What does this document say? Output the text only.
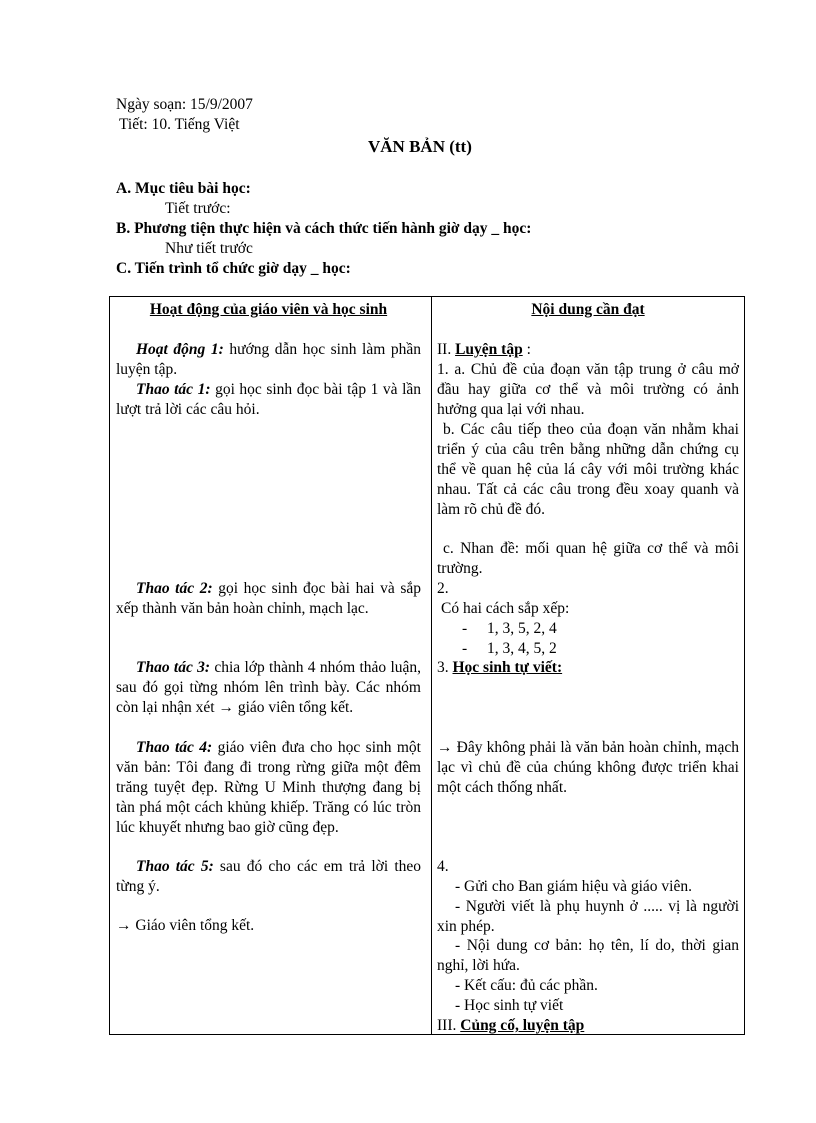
Ngày soạn: 15/9/2007
Tiết: 10. Tiếng Việt
VĂN BẢN (tt)
A. Mục tiêu bài học:
Tiết trước:
B. Phương tiện thực hiện và cách thức tiến hành giờ dạy _ học:
Như tiết trước
C. Tiến trình tổ chức giờ dạy _ học:
Hoạt động của giáo viên và học sinh
Hoạt động 1: hướng dẫn học sinh làm phần luyện tập.
Thao tác 1: gọi học sinh đọc bài tập 1 và lần lượt trả lời các câu hỏi.
Thao tác 2: gọi học sinh đọc bài hai và sắp xếp thành văn bản hoàn chỉnh, mạch lạc.
Thao tác 3: chia lớp thành 4 nhóm thảo luận, sau đó gọi từng nhóm lên trình bày. Các nhóm còn lại nhận xét → giáo viên tổng kết.
Thao tác 4: giáo viên đưa cho học sinh một văn bản: Tôi đang đi trong rừng giữa một đêm trăng tuyệt đẹp. Rừng U Minh thượng đang bị tàn phá một cách khủng khiếp. Trăng có lúc tròn lúc khuyết nhưng bao giờ cũng đẹp.
Thao tác 5: sau đó cho các em trả lời theo từng ý.
→ Giáo viên tổng kết.
Nội dung cần đạt
II. Luyện tập :
1. a. Chủ đề của đoạn văn tập trung ở câu mở đầu hay giữa cơ thể và môi trường có ảnh hưởng qua lại với nhau.
b. Các câu tiếp theo của đoạn văn nhằm khai triển ý của câu trên bằng những dẫn chứng cụ thể về quan hệ của lá cây với môi trường khác nhau. Tất cả các câu trong đều xoay quanh và làm rõ chủ đề đó.
c. Nhan đề: mối quan hệ giữa cơ thể và môi trường.
2.
Có hai cách sắp xếp:
- 1, 3, 5, 2, 4
- 1, 3, 4, 5, 2
3. Học sinh tự viết:
→ Đây không phải là văn bản hoàn chỉnh, mạch lạc vì chủ đề của chúng không được triển khai một cách thống nhất.
4.
- Gửi cho Ban giám hiệu và giáo viên.
- Người viết là phụ huynh ở ..... vị là người xin phép.
- Nội dung cơ bản: họ tên, lí do, thời gian nghỉ, lời hứa.
- Kết cấu: đủ các phần.
- Học sinh tự viết
III. Củng cố, luyện tập
